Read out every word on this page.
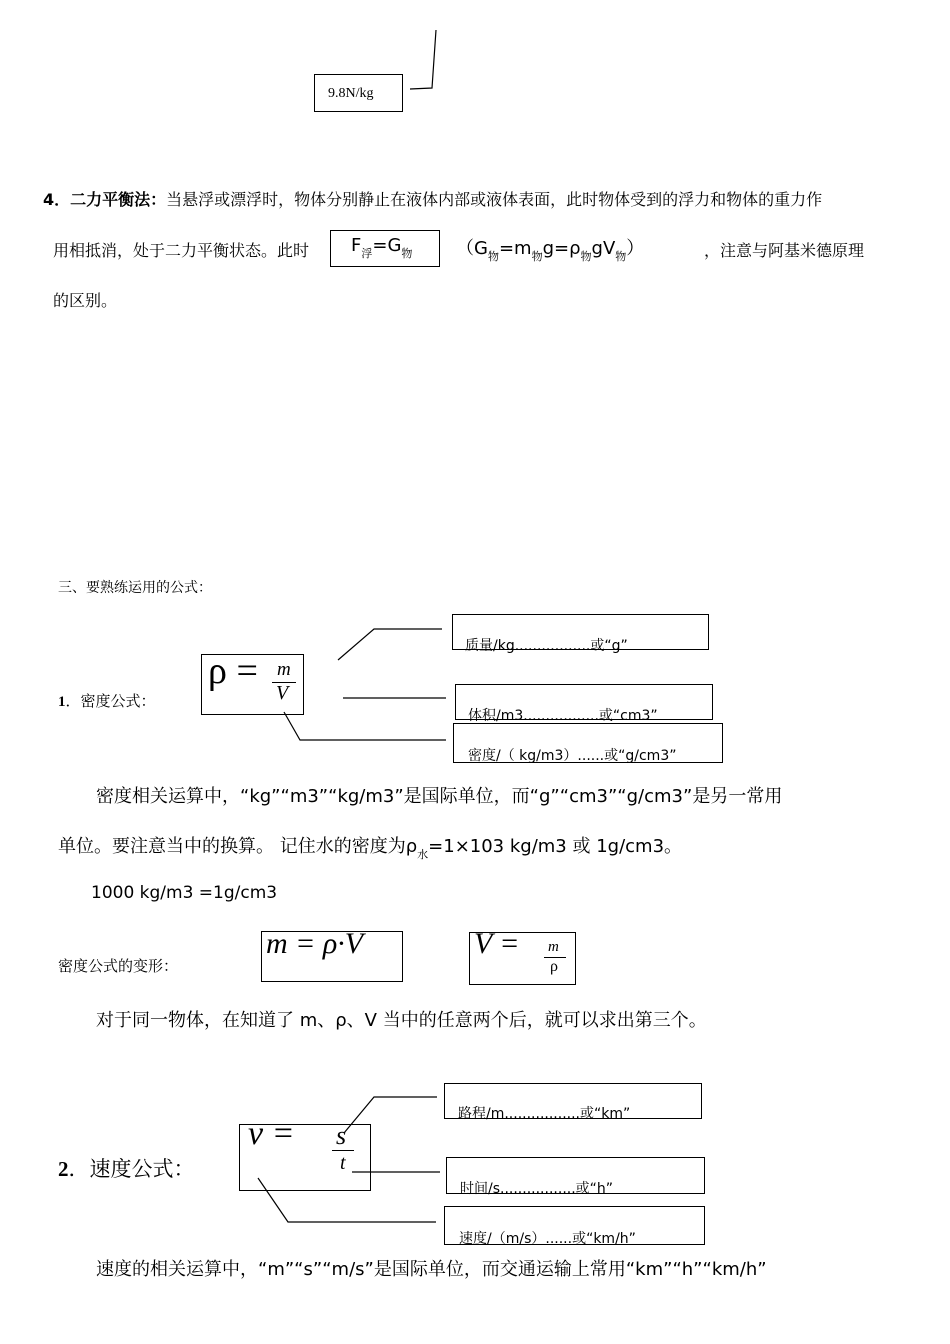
9.8N/kg
4．二力平衡法：当悬浮或漂浮时，物体分别静止在液体内部或液体表面，此时物体受到的浮力和物体的重力作
用相抵消，处于二力平衡状态。此时 $F_浮=G_物$ $(G_物=m_物g=\rho_物gV_物)$	，注意与阿基米德原理
的区别。
三、要熟练运用的公式：
1．密度公式：
ρ = m
V
质量/kg.................或“g”
体积/m3.................或“cm3”
密度/（ kg/m3）......或“g/cm3”
密度相关运算中，“kg”“m3”“kg/m3”是国际单位，而“g”“cm3”“g/cm3”是另一常用
单位。要注意当中的换算。 记住水的密度为$\rho_水=1\times 103$ kg/m3 或 1g/cm3。
1000 kg/m3 =1g/cm3
密度公式的变形：
m = ρ·V	V = m
ρ
对于同一物体，在知道了 m、ρ、V 当中的任意两个后，就可以求出第三个。
2．速度公式：
v = s
t
路程/m.................或“km”
时间/s.................或“h”
速度/（m/s）......或“km/h”
速度的相关运算中，“m”“s”“m/s”是国际单位，而交通运输上常用“km”“h”“km/h”
